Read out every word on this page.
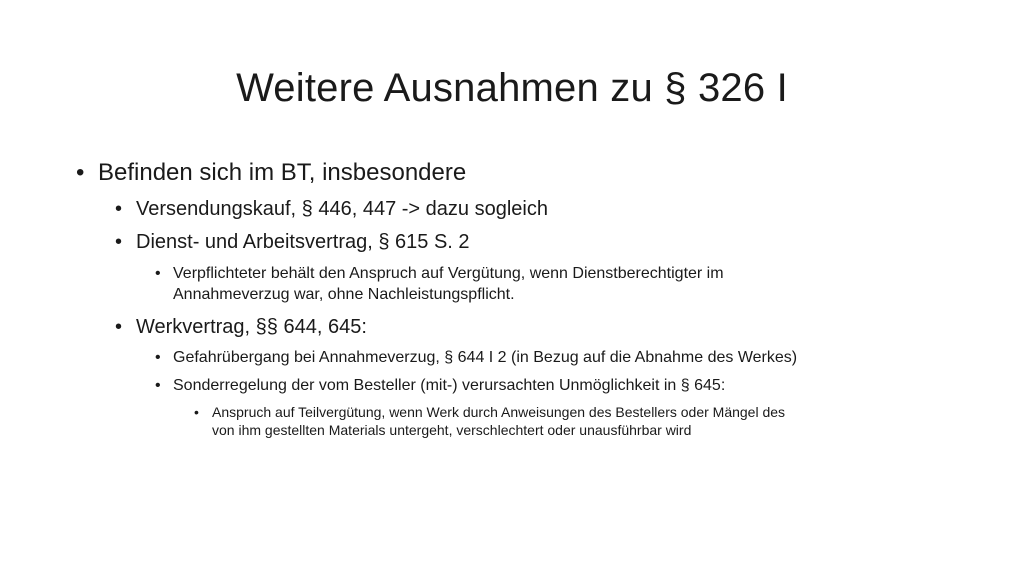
Weitere Ausnahmen zu § 326 I
• Befinden sich im BT, insbesondere
• Versendungskauf, § 446, 447 -> dazu sogleich
• Dienst- und Arbeitsvertrag, § 615 S. 2
• Verpflichteter behält den Anspruch auf Vergütung, wenn Dienstberechtigter im
Annahmeverzug war, ohne Nachleistungspflicht.
• Werkvertrag, §§ 644, 645:
• Gefahrübergang bei Annahmeverzug, § 644 I 2 (in Bezug auf die Abnahme des Werkes)
• Sonderregelung der vom Besteller (mit-) verursachten Unmöglichkeit in § 645:
• Anspruch auf Teilvergütung, wenn Werk durch Anweisungen des Bestellers oder Mängel des
von ihm gestellten Materials untergeht, verschlechtert oder unausführbar wird
